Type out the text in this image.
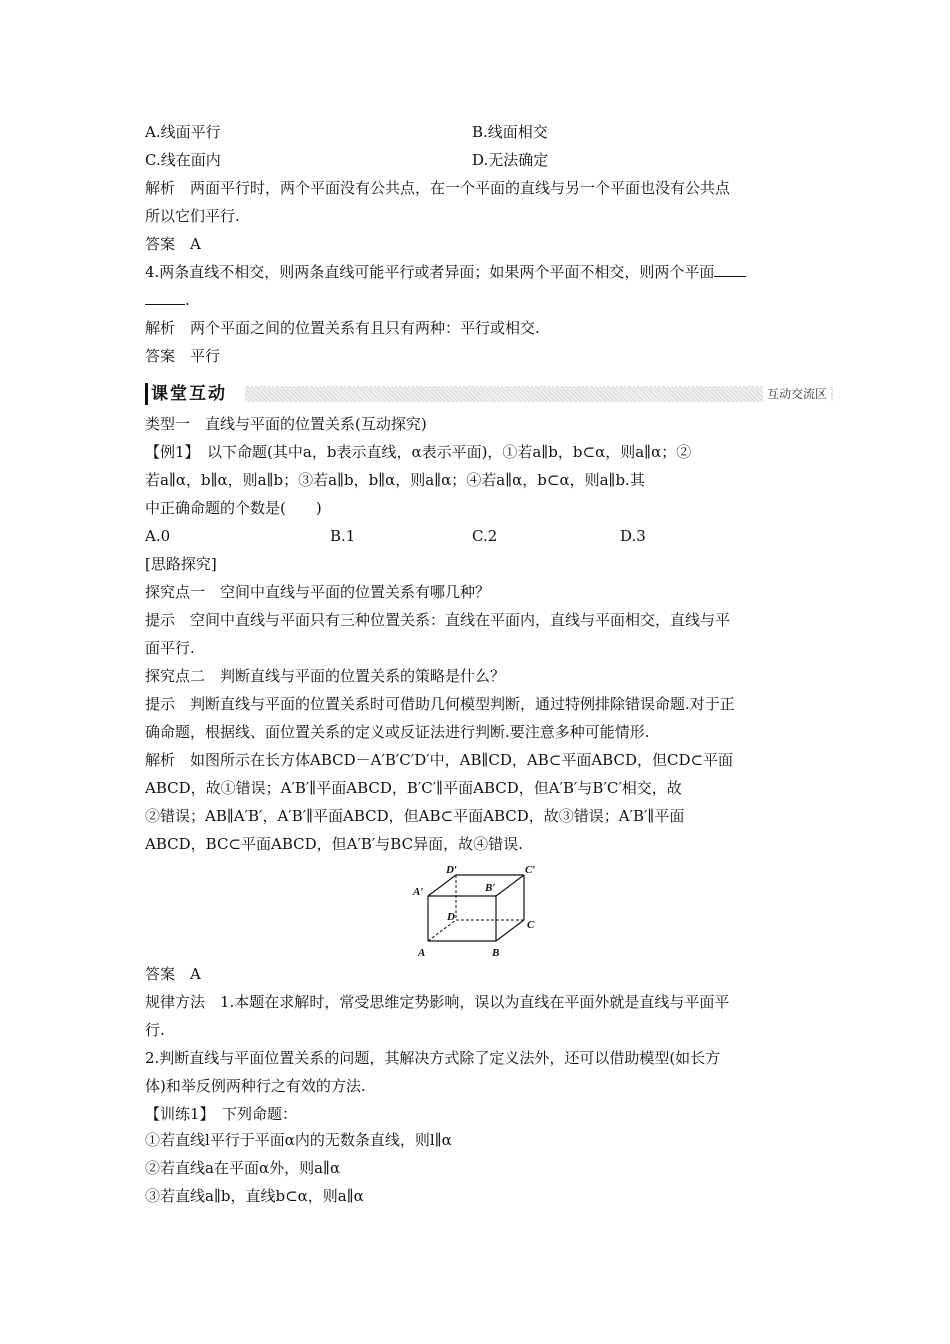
A.线面平行	B.线面相交
C.线在面内	D.无法确定
解析　两面平行时，两个平面没有公共点，在一个平面的直线与另一个平面也没有公共点
所以它们平行.
答案　A
4.两条直线不相交，则两条直线可能平行或者异面；如果两个平面不相交，则两个平面
.
解析　两个平面之间的位置关系有且只有两种：平行或相交.
答案　平行
课堂互动	互动交流区
类型一　直线与平面的位置关系(互动探究)
【例1】　以下命题(其中a，b表示直线，α表示平面)，①若a∥b，b⊂α，则a∥α；②
若a∥α，b∥α，则a∥b；③若a∥b，b∥α，则a∥α；④若a∥α，b⊂α，则a∥b.其
中正确命题的个数是(　　)
A.0	B.1	C.2	D.3
[思路探究]
探究点一　空间中直线与平面的位置关系有哪几种？
提示　空间中直线与平面只有三种位置关系：直线在平面内，直线与平面相交，直线与平
面平行.
探究点二　判断直线与平面的位置关系的策略是什么？
提示　判断直线与平面的位置关系时可借助几何模型判断，通过特例排除错误命题.对于正
确命题，根据线、面位置关系的定义或反证法进行判断.要注意多种可能情形.
解析　如图所示在长方体ABCD－A′B′C′D′中，AB∥CD，AB⊂平面ABCD，但CD⊂平面
ABCD，故①错误；A′B′∥平面ABCD，B′C′∥平面ABCD，但A′B′与B′C′相交，故
②错误；AB∥A′B′，A′B′∥平面ABCD，但AB⊂平面ABCD，故③错误；A′B′∥平面
ABCD，BC⊂平面ABCD，但A′B′与BC异面，故④错误.
A	B
C
D
A′	B′
C′
D′
答案　A
规律方法　1.本题在求解时，常受思维定势影响，误以为直线在平面外就是直线与平面平
行.
2.判断直线与平面位置关系的问题，其解决方式除了定义法外，还可以借助模型(如长方
体)和举反例两种行之有效的方法.
【训练1】　下列命题：
①若直线l平行于平面α内的无数条直线，则l∥α
②若直线a在平面α外，则a∥α
③若直线a∥b，直线b⊂α，则a∥α
